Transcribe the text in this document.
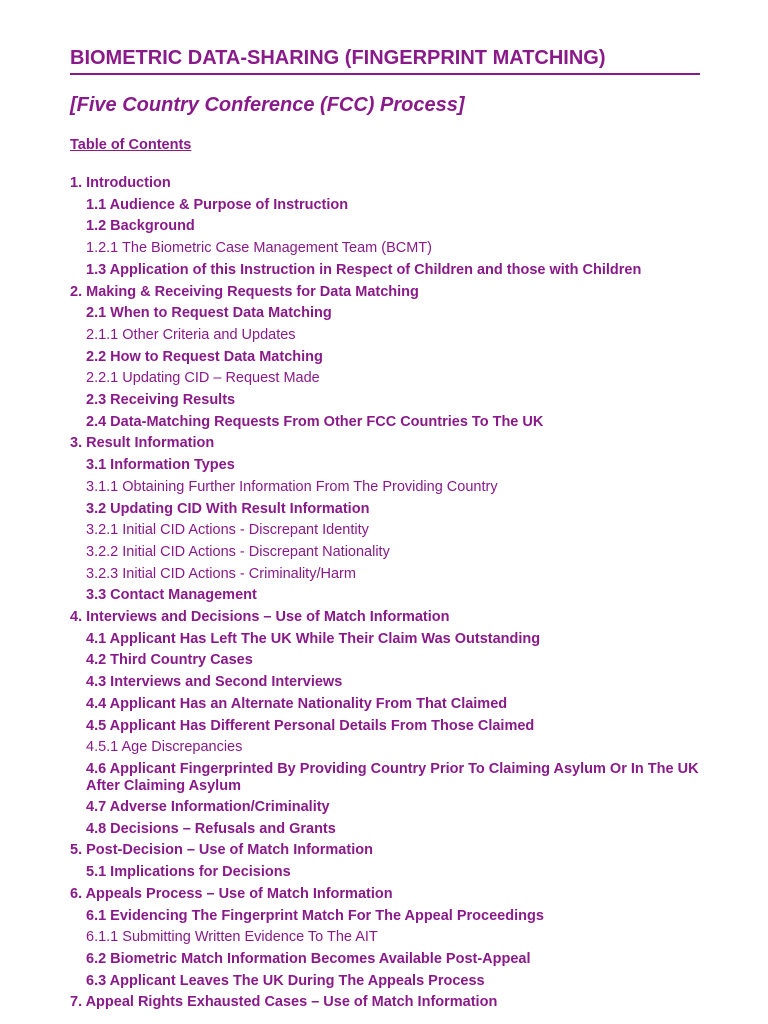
BIOMETRIC DATA-SHARING (FINGERPRINT MATCHING)
[Five Country Conference (FCC) Process]
Table of Contents
1. Introduction
1.1 Audience & Purpose of Instruction
1.2 Background
1.2.1 The Biometric Case Management Team (BCMT)
1.3 Application of this Instruction in Respect of Children and those with Children
2. Making & Receiving Requests for Data Matching
2.1 When to Request Data Matching
2.1.1 Other Criteria and Updates
2.2 How to Request Data Matching
2.2.1 Updating CID – Request Made
2.3 Receiving Results
2.4 Data-Matching Requests From Other FCC Countries To The UK
3. Result Information
3.1 Information Types
3.1.1 Obtaining Further Information From The Providing Country
3.2 Updating CID With Result Information
3.2.1 Initial CID Actions - Discrepant Identity
3.2.2 Initial CID Actions - Discrepant Nationality
3.2.3 Initial CID Actions - Criminality/Harm
3.3 Contact Management
4. Interviews and Decisions – Use of Match Information
4.1 Applicant Has Left The UK While Their Claim Was Outstanding
4.2 Third Country Cases
4.3 Interviews and Second Interviews
4.4 Applicant Has an Alternate Nationality From That Claimed
4.5 Applicant Has Different Personal Details From Those Claimed
4.5.1 Age Discrepancies
4.6 Applicant Fingerprinted By Providing Country Prior To Claiming Asylum Or In The UK After Claiming Asylum
4.7 Adverse Information/Criminality
4.8 Decisions – Refusals and Grants
5. Post-Decision – Use of Match Information
5.1 Implications for Decisions
6. Appeals Process – Use of Match Information
6.1 Evidencing The Fingerprint Match For The Appeal Proceedings
6.1.1 Submitting Written Evidence To The AIT
6.2 Biometric Match Information Becomes Available Post-Appeal
6.3 Applicant Leaves The UK During The Appeals Process
7. Appeal Rights Exhausted Cases – Use of Match Information
